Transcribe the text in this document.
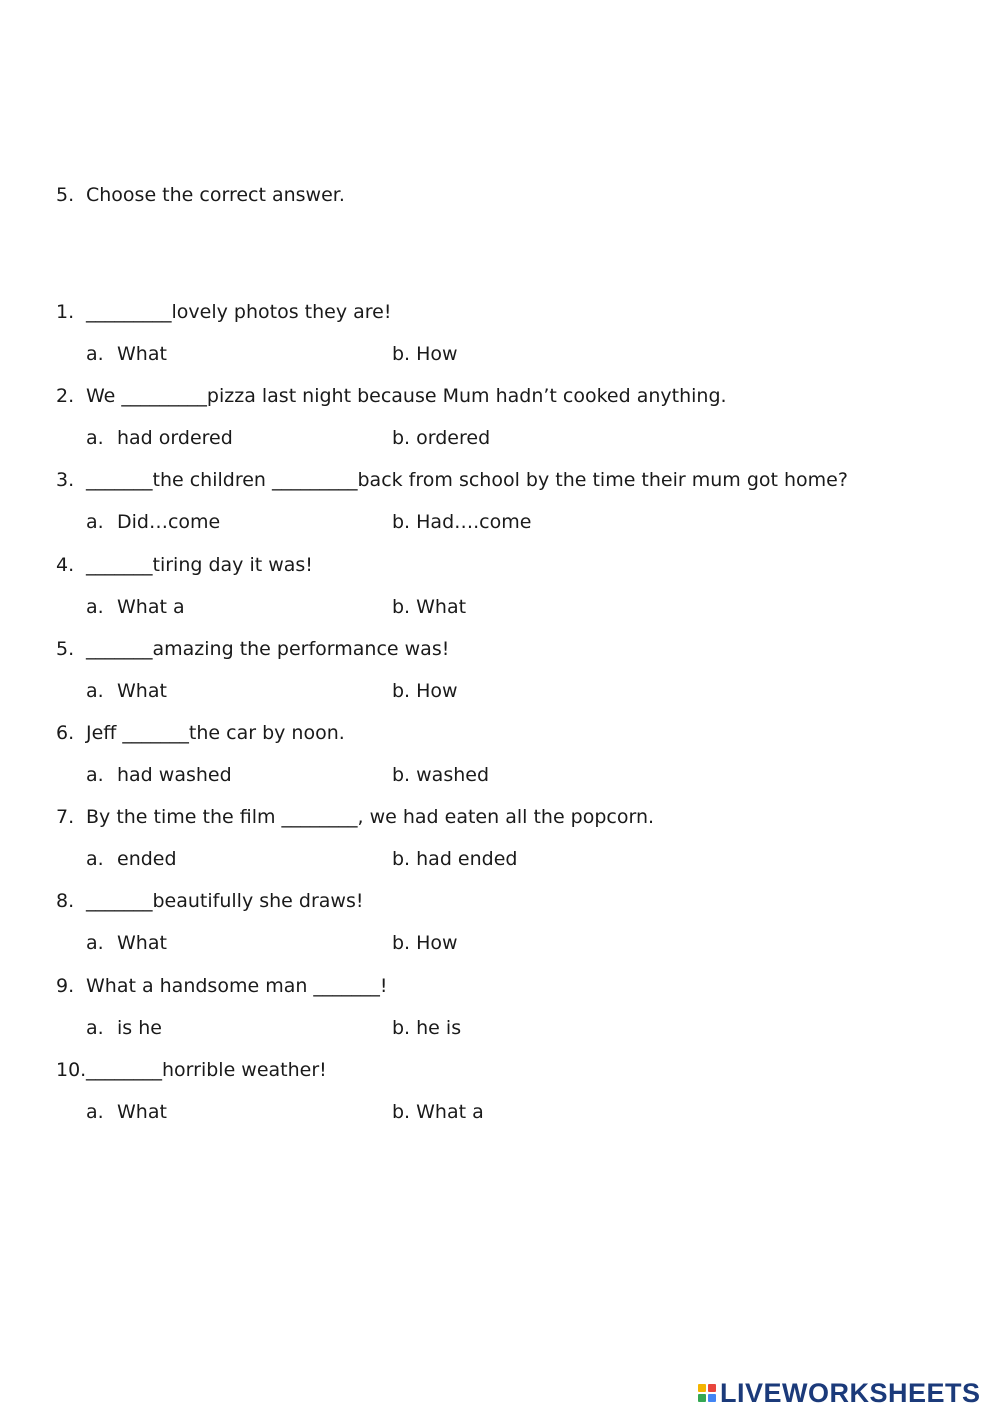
5. Choose the correct answer.
1. _________lovely photos they are!
a. What	b. How
2. We _________pizza last night because Mum hadn’t cooked anything.
a. had ordered	b. ordered
3. _______the children _________back from school by the time their mum got home?
a. Did…come	b. Had….come
4. _______tiring day it was!
a. What a	b. What
5. _______amazing the performance was!
a. What	b. How
6. Jeff _______the car by noon.
a. had washed	b. washed
7. By the time the film ________, we had eaten all the popcorn.
a. ended	b. had ended
8. _______beautifully she draws!
a. What	b. How
9. What a handsome man _______!
a. is he	b. he is
10. ________horrible weather!
a. What	b. What a
LIVEWORKSHEETS
